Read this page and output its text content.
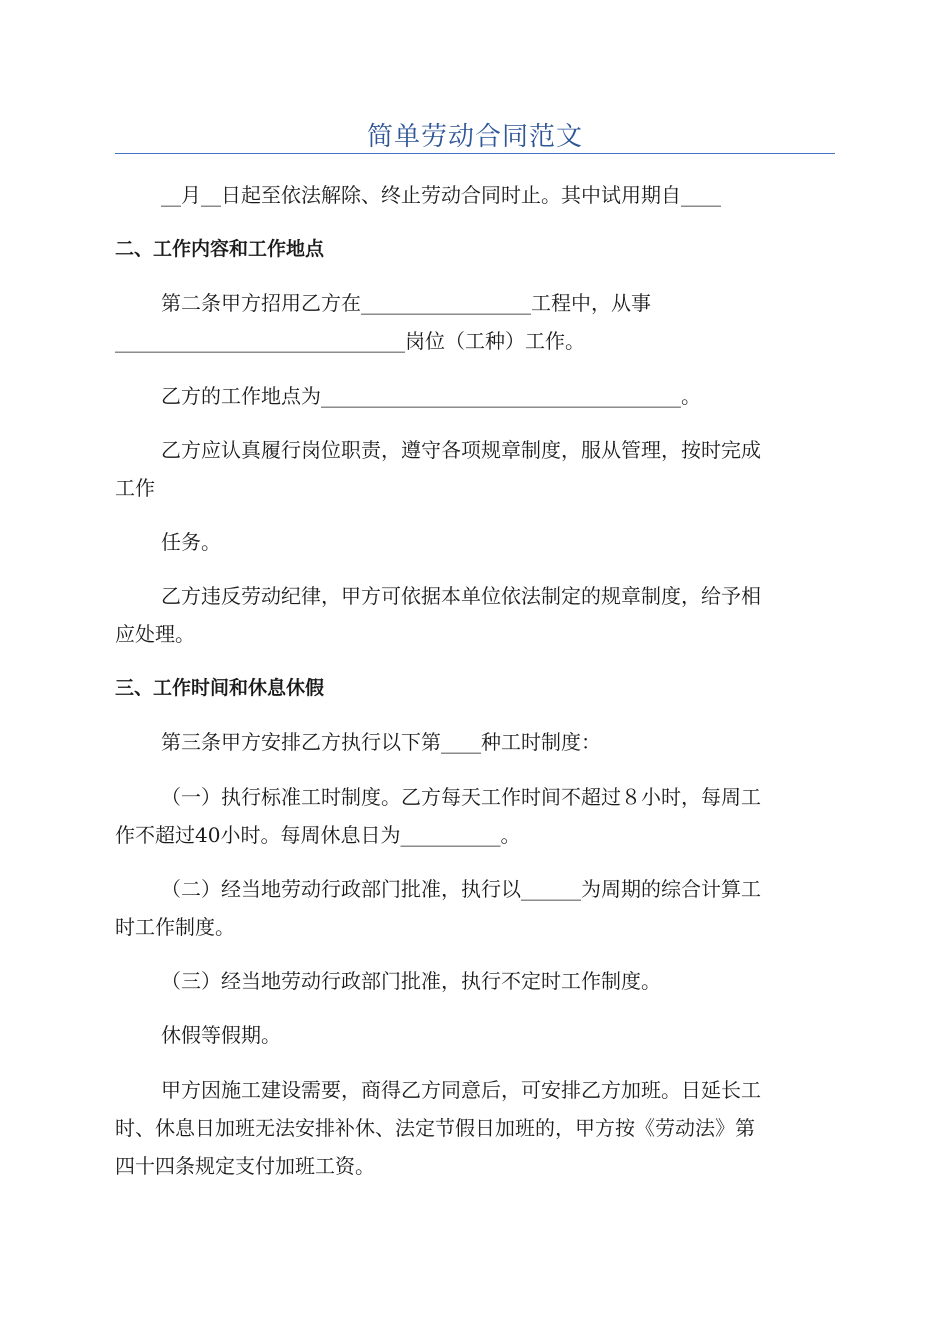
简单劳动合同范文

__月__日起至依法解除、终止劳动合同时止。其中试用期自____

二、工作内容和工作地点

第二条甲方招用乙方在_________________工程中，从事

_____________________________岗位（工种）工作。

乙方的工作地点为____________________________________。

乙方应认真履行岗位职责，遵守各项规章制度，服从管理，按时完成

工作

任务。

乙方违反劳动纪律，甲方可依据本单位依法制定的规章制度，给予相

应处理。

三、工作时间和休息休假

第三条甲方安排乙方执行以下第____种工时制度：

（一）执行标准工时制度。乙方每天工作时间不超过８小时，每周工

作不超过40小时。每周休息日为__________。

（二）经当地劳动行政部门批准，执行以______为周期的综合计算工

时工作制度。

（三）经当地劳动行政部门批准，执行不定时工作制度。

休假等假期。

甲方因施工建设需要，商得乙方同意后，可安排乙方加班。日延长工

时、休息日加班无法安排补休、法定节假日加班的，甲方按《劳动法》第

四十四条规定支付加班工资。
